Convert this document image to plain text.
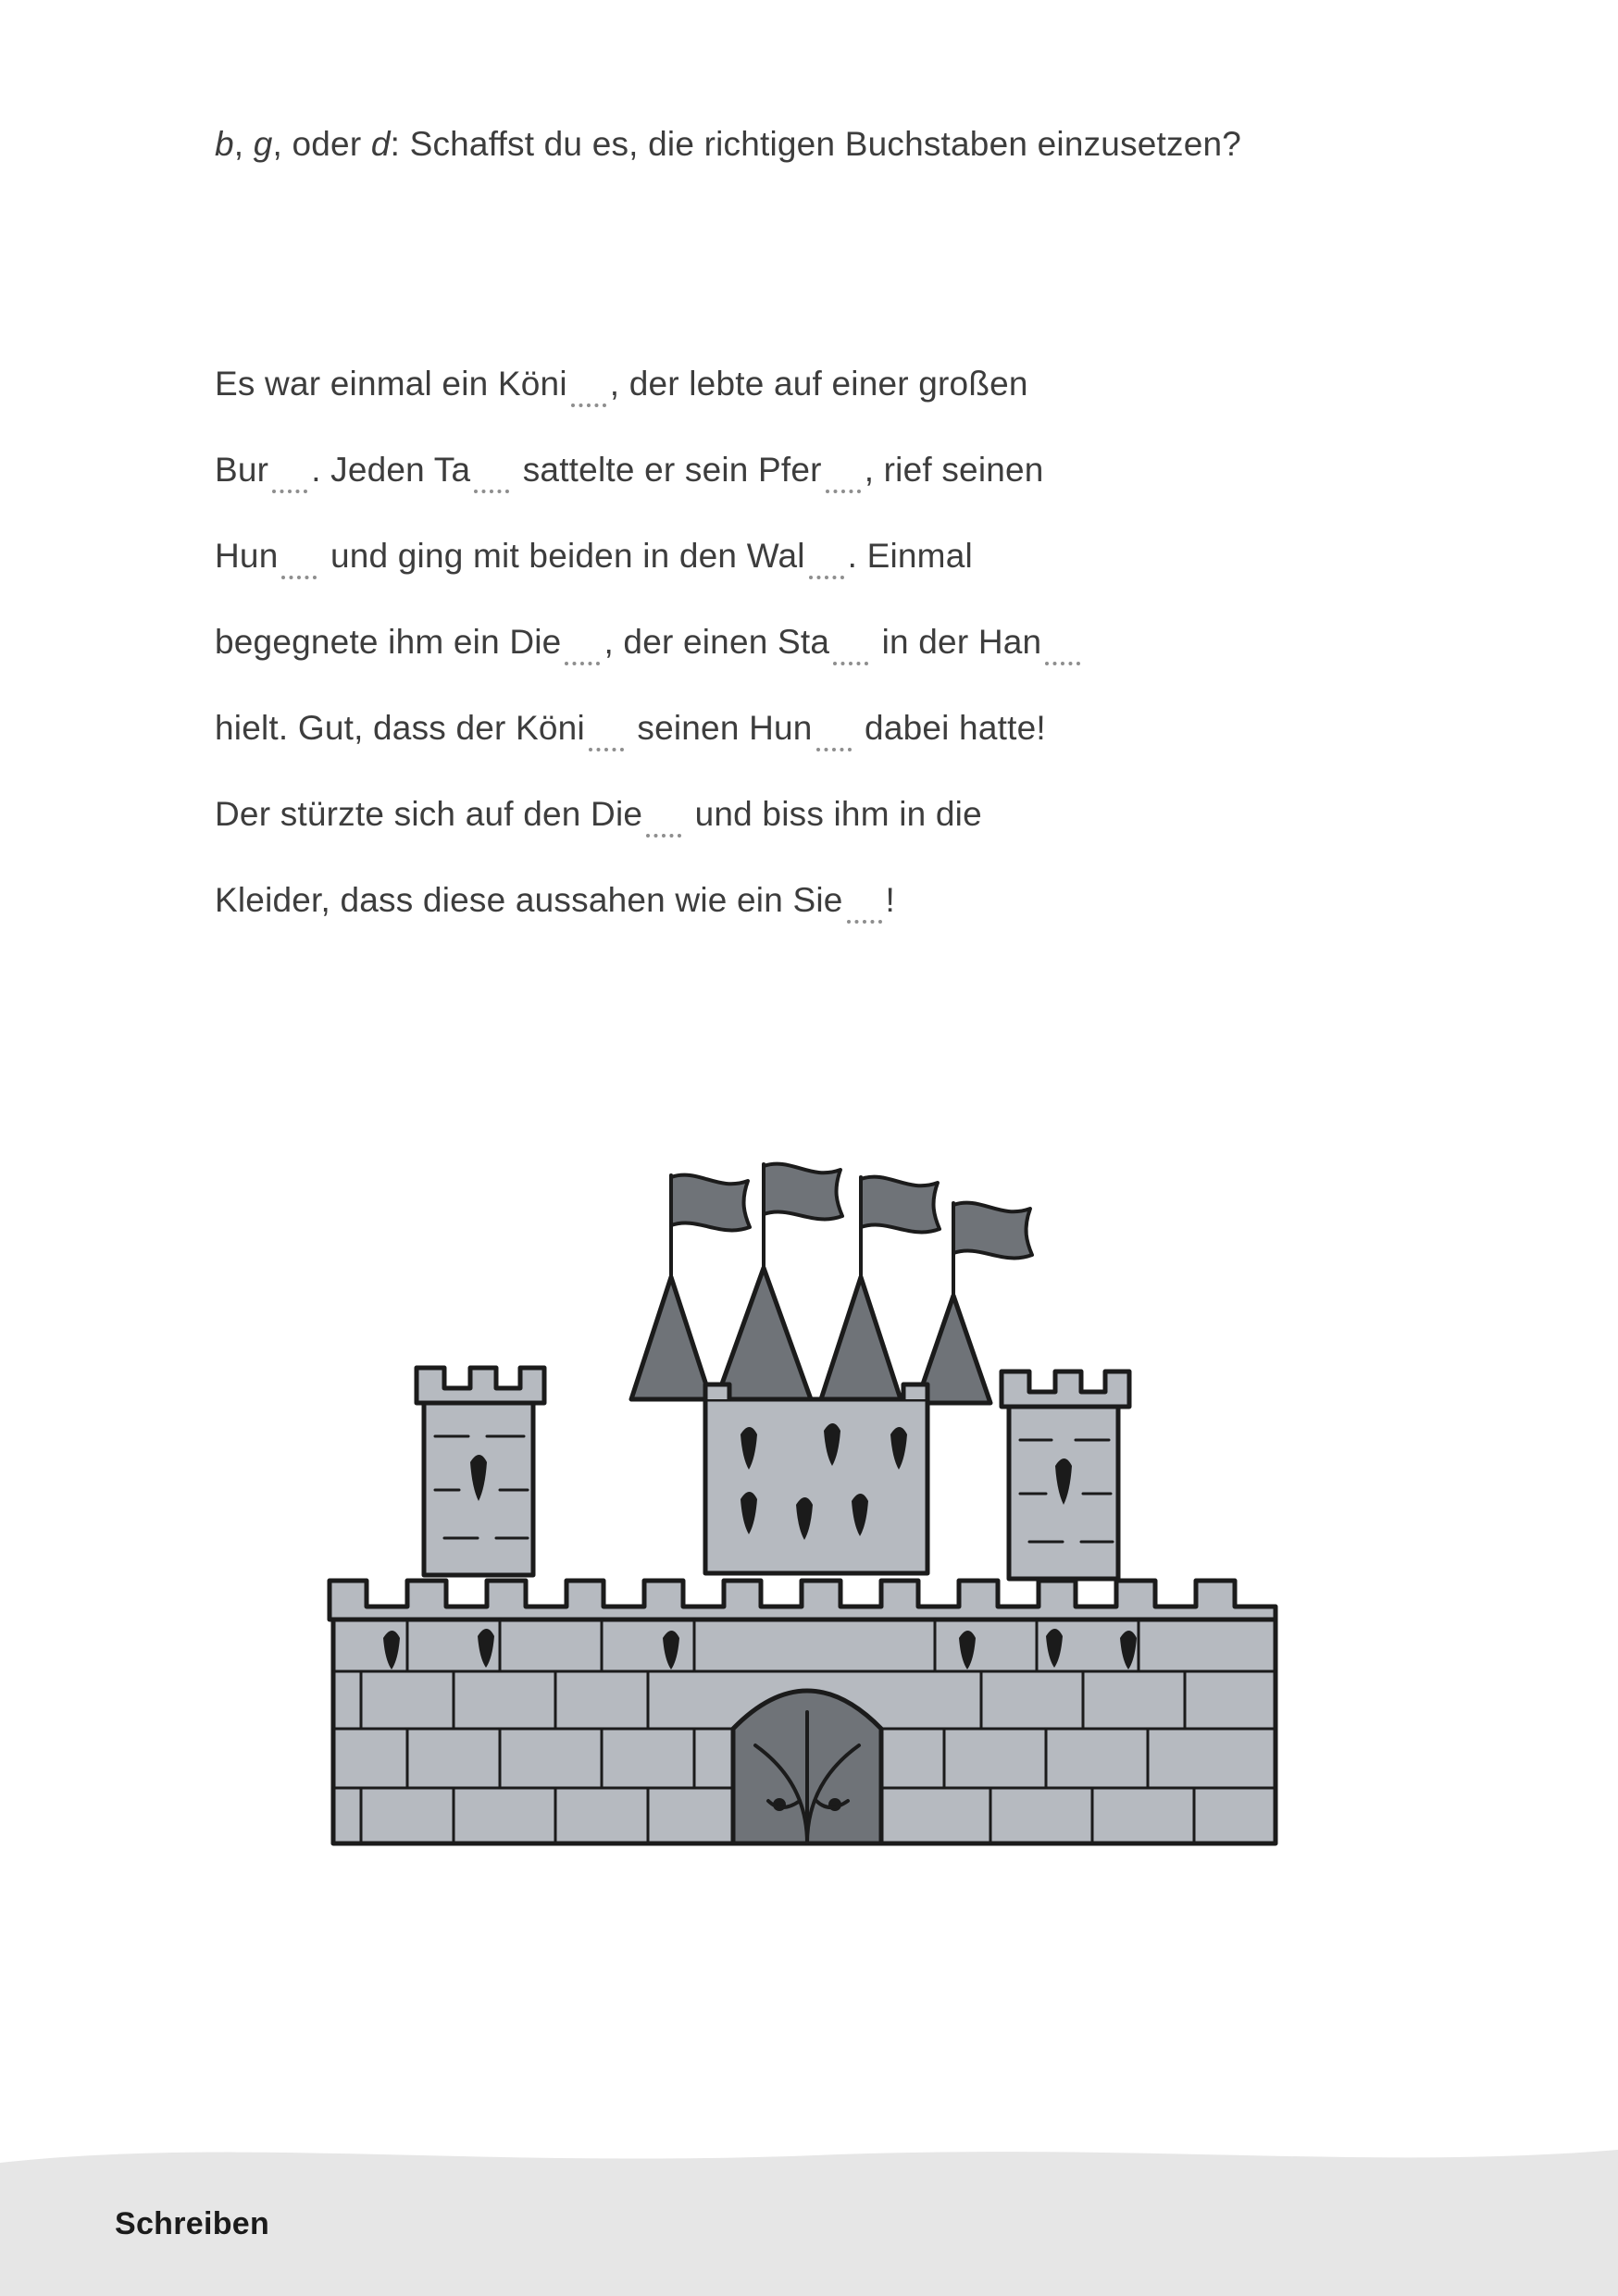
b, g, oder d: Schaffst du es, die richtigen Buchstaben einzusetzen?
Es war einmal ein Köni , der lebte auf einer großen
Bur . Jeden Ta sattelte er sein Pfer , rief seinen
Hun und ging mit beiden in den Wal . Einmal
begegnete ihm ein Die , der einen Sta in der Han
hielt. Gut, dass der Köni seinen Hun dabei hatte!
Der stürzte sich auf den Die und biss ihm in die
Kleider, dass diese aussahen wie ein Sie !
Schreiben
